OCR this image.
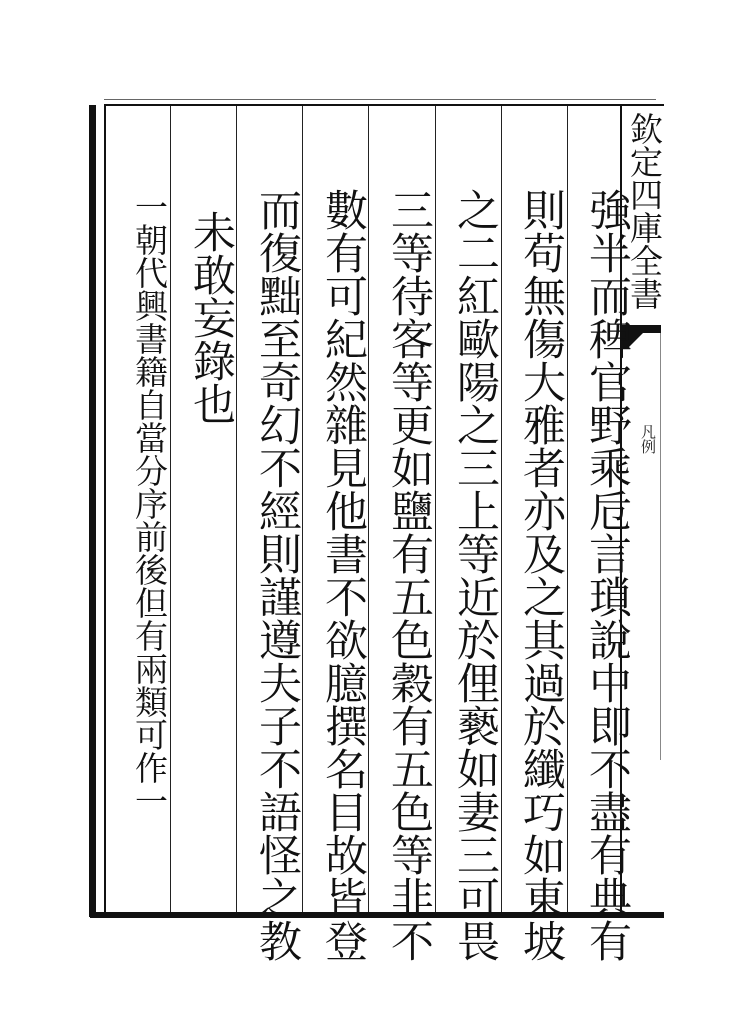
欽定四庫全書
凡例
強半而稗官野乘卮言瑣說中即不盡有典有
則苟無傷大雅者亦及之其過於纖巧如東坡
之二紅歐陽之三上等近於俚褻如妻三可畏
三等待客等更如鹽有五色穀有五色等非不
數有可紀然雜見他書不欲臆撰名目故皆登
而復黜至奇幻不經則謹遵夫子不語怪之教
未敢妄錄也
一朝代興書籍自當分序前後但有兩類可作一
